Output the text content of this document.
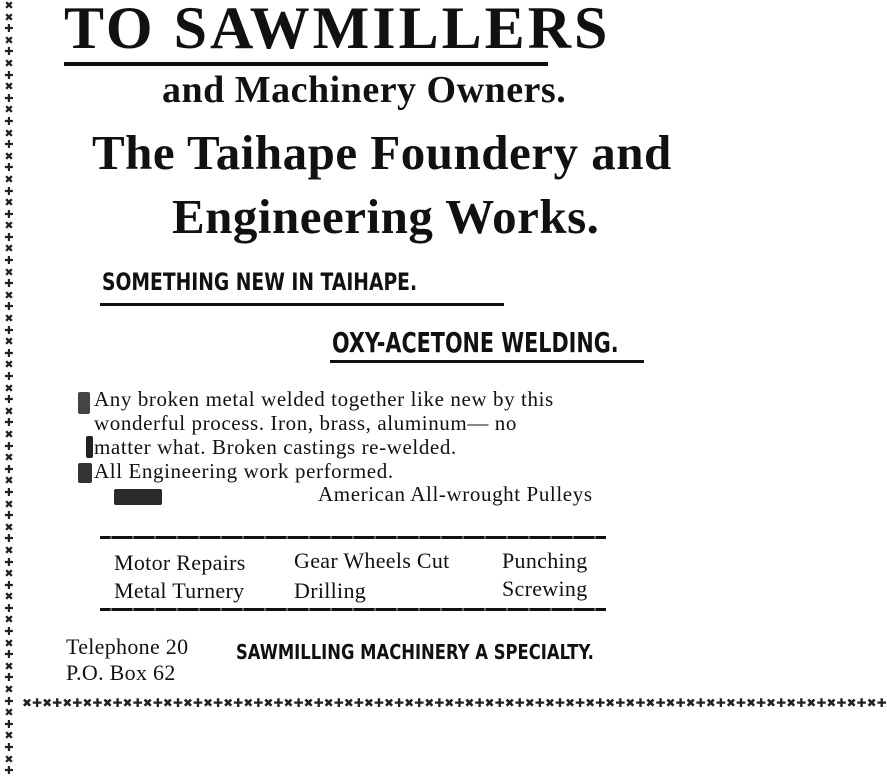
✖
✖
✚
✖
✚
✖
✚
✖
✚
✖
✚
✖
✚
✖
✚
✖
✚
✖
✚
✖
✚
✖
✚
✖
✚
✖
✚
✖
✚
✖
✚
✖
✚
✖
✚
✖
✚
✖
✚
✖
✚
✖
✚
✖
✚
✖
✚
✖
✚
✖
✚
✖
✚
✖
✚
✖
✚
✖
✚
✖
✚
✖
✚
✖
✚
✖
✚
TO SAWMILLERS
and Machinery Owners.
The Taihape Foundery and
Engineering Works.
SOMETHING NEW IN TAIHAPE.
OXY-ACETONE WELDING.
Any broken metal welded together like new by this
wonderful process. Iron, brass, aluminum— no
matter what. Broken castings re-welded.
All Engineering work performed.
American All-wrought Pulleys
Motor Repairs Gear Wheels Cut Punching
Metal Turnery Drilling	Screwing
Telephone 20
P.O. Box 62
SAWMILLING MACHINERY A SPECIALTY.
✖✚✖✚✖✚✖✚✖✚✖✚✖✚✖✚✖✚✖✚✖✚✖✚✖✚✖✚✖✚✖✚✖✚✖✚✖✚✖✚✖✚✖✚✖✚✖✚✖✚✖✚✖✚✖✚✖✚✖✚✖✚✖✚✖✚✖✚✖✚✖✚✖✚✖✚✖✚✖✚✖✚✖✚✖✚
